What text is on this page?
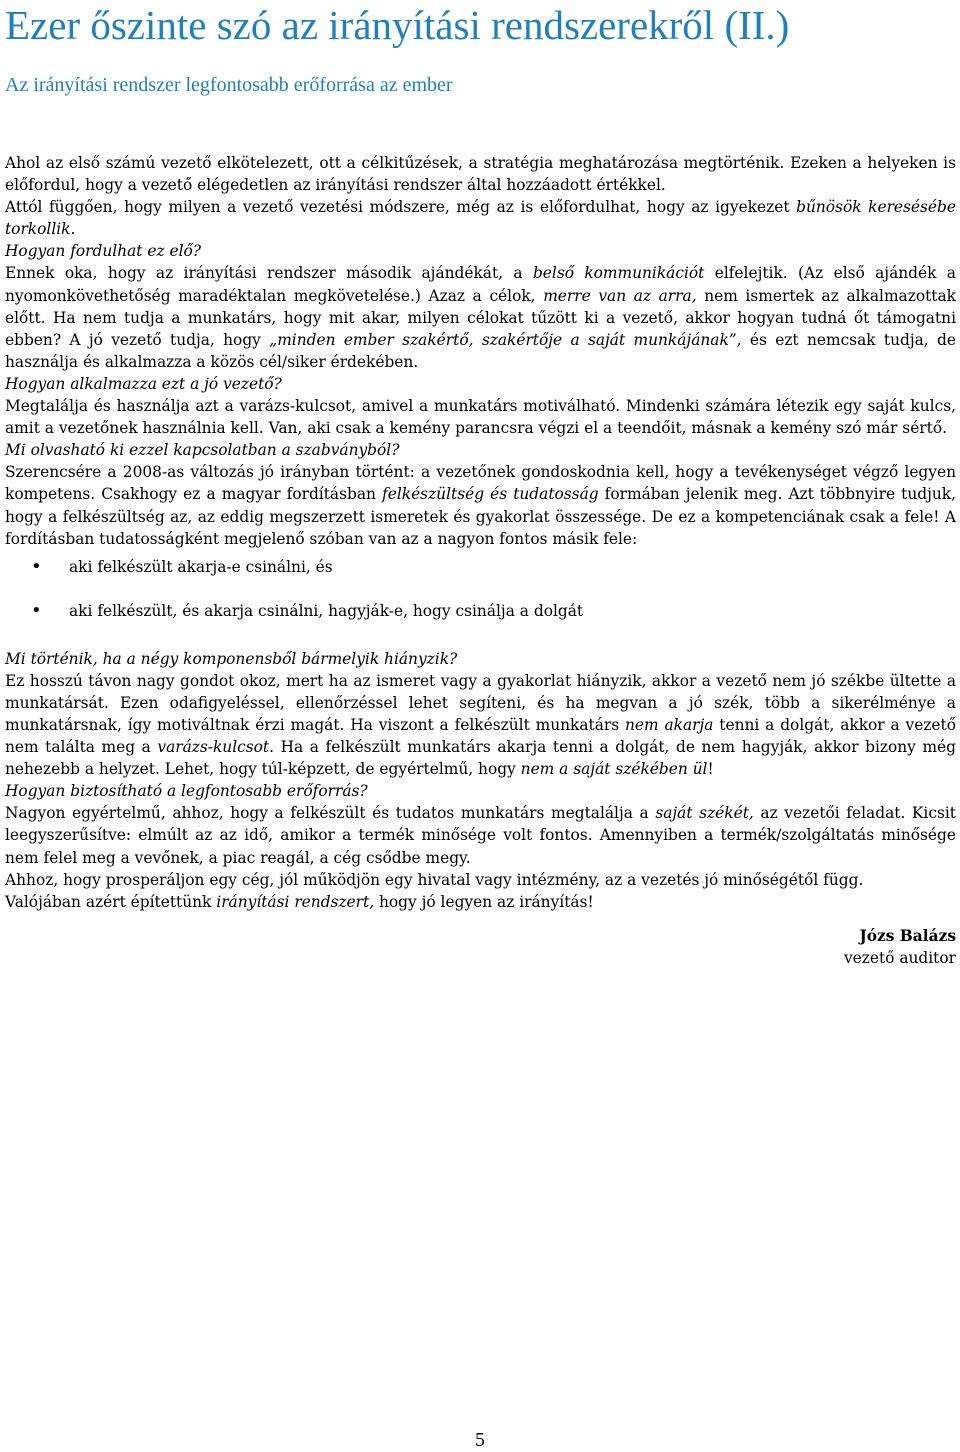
Ezer őszinte szó az irányítási rendszerekről (II.)
Az irányítási rendszer legfontosabb erőforrása az ember

Ahol az első számú vezető elkötelezett, ott a célkitűzések, a stratégia meghatározása megtörténik. Ezeken a helyeken is előfordul, hogy a vezető elégedetlen az irányítási rendszer által hozzáadott értékkel.

Attól függően, hogy milyen a vezető vezetési módszere, még az is előfordulhat, hogy az igyekezet bűnösök keresésébe torkollik.

Hogyan fordulhat ez elő?

Ennek oka, hogy az irányítási rendszer második ajándékát, a belső kommunikációt elfelejtik. (Az első ajándék a nyomonkövethetőség maradéktalan megkövetelése.) Azaz a célok, merre van az arra, nem ismertek az alkalmazottak előtt. Ha nem tudja a munkatárs, hogy mit akar, milyen célokat tűzött ki a vezető, akkor hogyan tudná őt támogatni ebben? A jó vezető tudja, hogy „minden ember szakértő, szakértője a saját munkájának”, és ezt nemcsak tudja, de használja és alkalmazza a közös cél/siker érdekében.

Hogyan alkalmazza ezt a jó vezető?

Megtalálja és használja azt a varázs-kulcsot, amivel a munkatárs motiválható. Mindenki számára létezik egy saját kulcs, amit a vezetőnek használnia kell. Van, aki csak a kemény parancsra végzi el a teendőit, másnak a kemény szó már sértő.

Mi olvasható ki ezzel kapcsolatban a szabványból?

Szerencsére a 2008-as változás jó irányban történt: a vezetőnek gondoskodnia kell, hogy a tevékenységet végző legyen kompetens. Csakhogy ez a magyar fordításban felkészültség és tudatosság formában jelenik meg. Azt többnyire tudjuk, hogy a felkészültség az, az eddig megszerzett ismeretek és gyakorlat összessége. De ez a kompetenciának csak a fele! A fordításban tudatosságként megjelenő szóban van az a nagyon fontos másik fele:

• aki felkészült akarja-e csinálni, és
• aki felkészült, és akarja csinálni, hagyják-e, hogy csinálja a dolgát

Mi történik, ha a négy komponensből bármelyik hiányzik?

Ez hosszú távon nagy gondot okoz, mert ha az ismeret vagy a gyakorlat hiányzik, akkor a vezető nem jó székbe ültette a munkatársát. Ezen odafigyeléssel, ellenőrzéssel lehet segíteni, és ha megvan a jó szék, több a sikerélménye a munkatársnak, így motiváltnak érzi magát. Ha viszont a felkészült munkatárs nem akarja tenni a dolgát, akkor a vezető nem találta meg a varázs-kulcsot. Ha a felkészült munkatárs akarja tenni a dolgát, de nem hagyják, akkor bizony még nehezebb a helyzet. Lehet, hogy túl-képzett, de egyértelmű, hogy nem a saját székében ül!

Hogyan biztosítható a legfontosabb erőforrás?

Nagyon egyértelmű, ahhoz, hogy a felkészült és tudatos munkatárs megtalálja a saját székét, az vezetői feladat. Kicsit leegyszerűsítve: elmúlt az az idő, amikor a termék minősége volt fontos. Amennyiben a termék/szolgáltatás minősége nem felel meg a vevőnek, a piac reagál, a cég csődbe megy.

Ahhoz, hogy prosperáljon egy cég, jól működjön egy hivatal vagy intézmény, az a vezetés jó minőségétől függ.

Valójában azért építettünk irányítási rendszert, hogy jó legyen az irányítás!

Józs Balázs
vezető auditor
5
